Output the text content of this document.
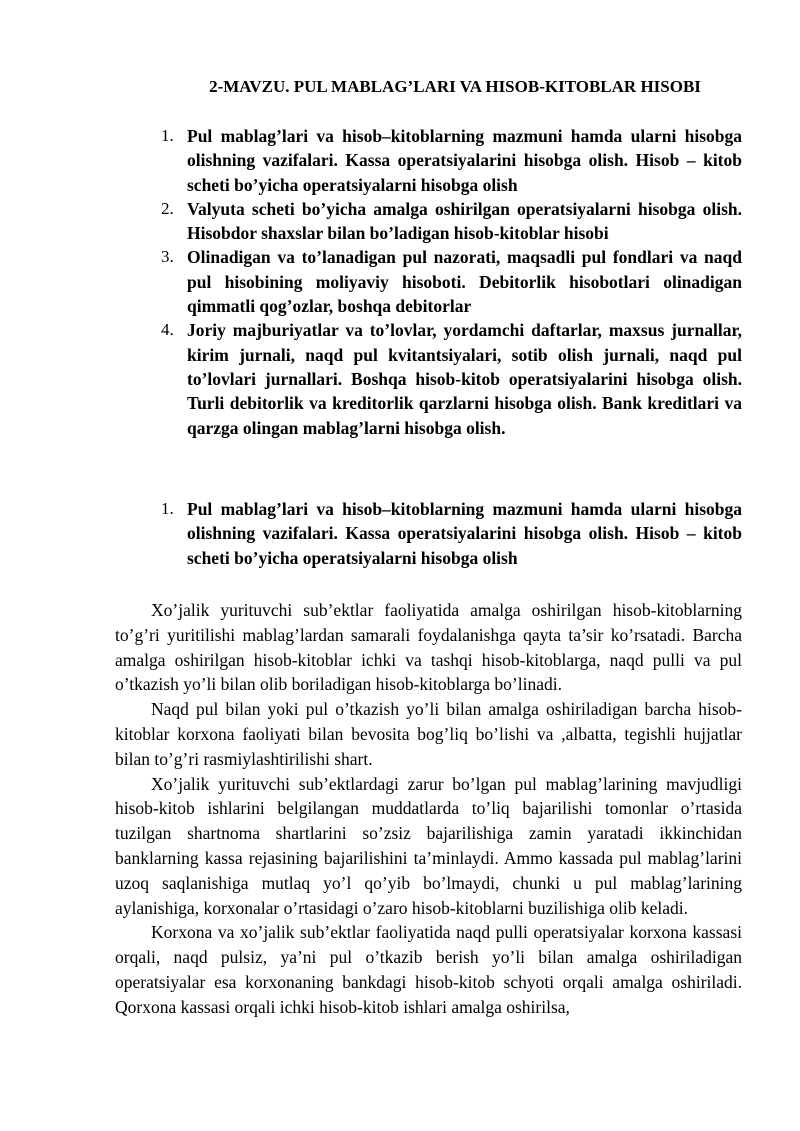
2-MAVZU. PUL MABLAG’LARI VA HISOB-KITOBLAR HISOBI
1. Pul mablag’lari va hisob–kitoblarning mazmuni hamda ularni hisobga olishning vazifalari. Kassa operatsiyalarini hisobga olish. Hisob – kitob scheti bo’yicha operatsiyalarni hisobga olish
2. Valyuta scheti bo’yicha amalga oshirilgan operatsiyalarni hisobga olish. Hisobdor shaxslar bilan bo’ladigan hisob-kitoblar hisobi
3. Olinadigan va to’lanadigan pul nazorati, maqsadli pul fondlari va naqd pul hisobining moliyaviy hisoboti. Debitorlik hisobotlari olinadigan qimmatli qog’ozlar, boshqa debitorlar
4. Joriy majburiyatlar va to’lovlar, yordamchi daftarlar, maxsus jurnallar, kirim jurnali, naqd pul kvitantsiyalari, sotib olish jurnali, naqd pul to’lovlari jurnallari. Boshqa hisob-kitob operatsiyalarini hisobga olish. Turli debitorlik va kreditorlik qarzlarni hisobga olish. Bank kreditlari va qarzga olingan mablag’larni hisobga olish.
1. Pul mablag’lari va hisob–kitoblarning mazmuni hamda ularni hisobga olishning vazifalari. Kassa operatsiyalarini hisobga olish. Hisob – kitob scheti bo’yicha operatsiyalarni hisobga olish

Xo’jalik yurituvchi sub’ektlar faoliyatida amalga oshirilgan hisob-kitoblarning to’g’ri yuritilishi mablag’lardan samarali foydalanishga qayta ta’sir ko’rsatadi. Barcha amalga oshirilgan hisob-kitoblar ichki va tashqi hisob-kitoblarga, naqd pulli va pul o’tkazish yo’li bilan olib boriladigan hisob-kitoblarga bo’linadi.

Naqd pul bilan yoki pul o’tkazish yo’li bilan amalga oshiriladigan barcha hisob-kitoblar korxona faoliyati bilan bevosita bog’liq bo’lishi va ,albatta, tegishli hujjatlar bilan to’g’ri rasmiylashtirilishi shart.

Xo’jalik yurituvchi sub’ektlardagi zarur bo’lgan pul mablag’larining mavjudligi hisob-kitob ishlarini belgilangan muddatlarda to’liq bajarilishi tomonlar o’rtasida tuzilgan shartnoma shartlarini so’zsiz bajarilishiga zamin yaratadi ikkinchidan banklarning kassa rejasining bajarilishini ta’minlaydi. Ammo kassada pul mablag’larini uzoq saqlanishiga mutlaq yo’l qo’yib bo’lmaydi, chunki u pul mablag’larining aylanishiga, korxonalar o’rtasidagi o’zaro hisob-kitoblarni buzilishiga olib keladi.

Korxona va xo’jalik sub’ektlar faoliyatida naqd pulli operatsiyalar korxona kassasi orqali, naqd pulsiz, ya’ni pul o’tkazib berish yo’li bilan amalga oshiriladigan operatsiyalar esa korxonaning bankdagi hisob-kitob schyoti orqali amalga oshiriladi. Qorxona kassasi orqali ichki hisob-kitob ishlari amalga oshirilsa,
